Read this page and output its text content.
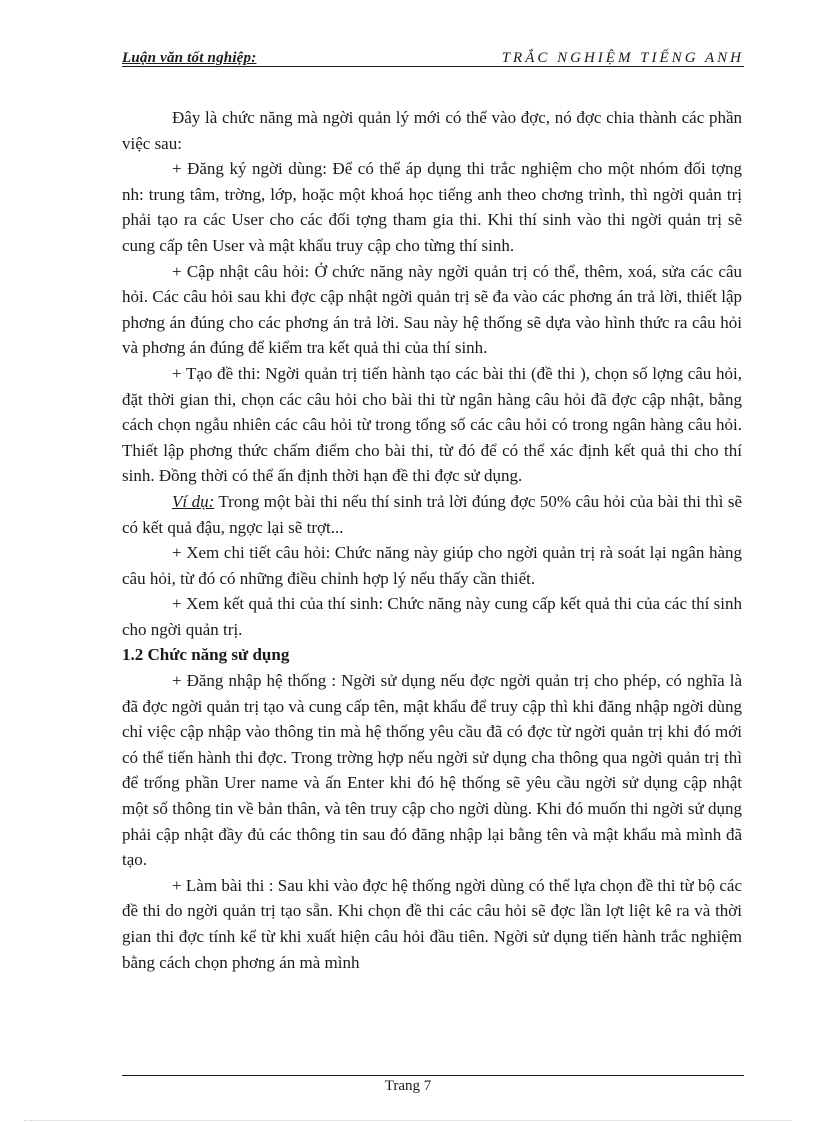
Luận văn tốt nghiệp:	TRẮC NGHIỆM TIẾNG ANH

Đây là chức năng mà ngời quản lý mới có thể vào đợc, nó đợc chia thành các phần việc sau:

+ Đăng ký ngời dùng: Để có thể áp dụng thi trắc nghiệm cho một nhóm đối tợng nh: trung tâm, trờng, lớp, hoặc một khoá học tiếng anh theo chơng trình, thì ngời quản trị phải tạo ra các User cho các đối tợng tham gia thi. Khi thí sinh vào thi ngời quản trị sẽ cung cấp tên User và mật khẩu truy cập cho từng thí sinh.

+ Cập nhật câu hỏi: Ở chức năng này ngời quản trị có thể, thêm, xoá, sửa các câu hỏi. Các câu hỏi sau khi đợc cập nhật ngời quản trị sẽ đa vào các phơng án trả lời, thiết lập phơng án đúng cho các phơng án trả lời. Sau này hệ thống sẽ dựa vào hình thức ra câu hỏi và phơng án đúng để kiểm tra kết quả thi của thí sinh.

+ Tạo đề thi: Ngời quản trị tiến hành tạo các bài thi (đề thi ), chọn số lợng câu hỏi, đặt thời gian thi, chọn các câu hỏi cho bài thi từ ngân hàng câu hỏi đã đợc cập nhật, bằng cách chọn ngẫu nhiên các câu hỏi từ trong tổng số các câu hỏi có trong ngân hàng câu hỏi. Thiết lập phơng thức chấm điểm cho bài thi, từ đó để có thể xác định kết quả thi cho thí sinh. Đồng thời có thể ấn định thời hạn đề thi đợc sử dụng.

Ví dụ: Trong một bài thi nếu thí sinh trả lời đúng đợc 50% câu hỏi của bài thi thì sẽ có kết quả đậu, ngợc lại sẽ trợt...

+ Xem chi tiết câu hỏi: Chức năng này giúp cho ngời quản trị rà soát lại ngân hàng câu hỏi, từ đó có những điều chỉnh hợp lý nếu thấy cần thiết.

+ Xem kết quả thi của thí sinh: Chức năng này cung cấp kết quả thi của các thí sinh cho ngời quản trị.

1.2 Chức năng sử dụng

+ Đăng nhập hệ thống : Ngời sử dụng nếu đợc ngời quản trị cho phép, có nghĩa là đã đợc ngời quản trị tạo và cung cấp tên, mật khẩu để truy cập thì khi đăng nhập ngời dùng chỉ việc cập nhập vào thông tin mà hệ thống yêu cầu đã có đợc từ ngời quản trị khi đó mới có thể tiến hành thi đợc. Trong trờng hợp nếu ngời sử dụng cha thông qua ngời quản trị thì để trống phần Urer name và ấn Enter khi đó hệ thống sẽ yêu cầu ngời sử dụng cập nhật một số thông tin về bản thân, và tên truy cập cho ngời dùng. Khi đó muốn thi ngời sử dụng phải cập nhật đầy đủ các thông tin sau đó đăng nhập lại bằng tên và mật khẩu mà mình đã tạo.

+ Làm bài thi : Sau khi vào đợc hệ thống ngời dùng có thể lựa chọn đề thi từ bộ các đề thi do ngời quản trị tạo sẵn. Khi chọn đề thi các câu hỏi sẽ đợc lần lợt liệt kê ra và thời gian thi đợc tính kể từ khi xuất hiện câu hỏi đầu tiên. Ngời sử dụng tiến hành trắc nghiệm bằng cách chọn phơng án mà mình

Trang 7
